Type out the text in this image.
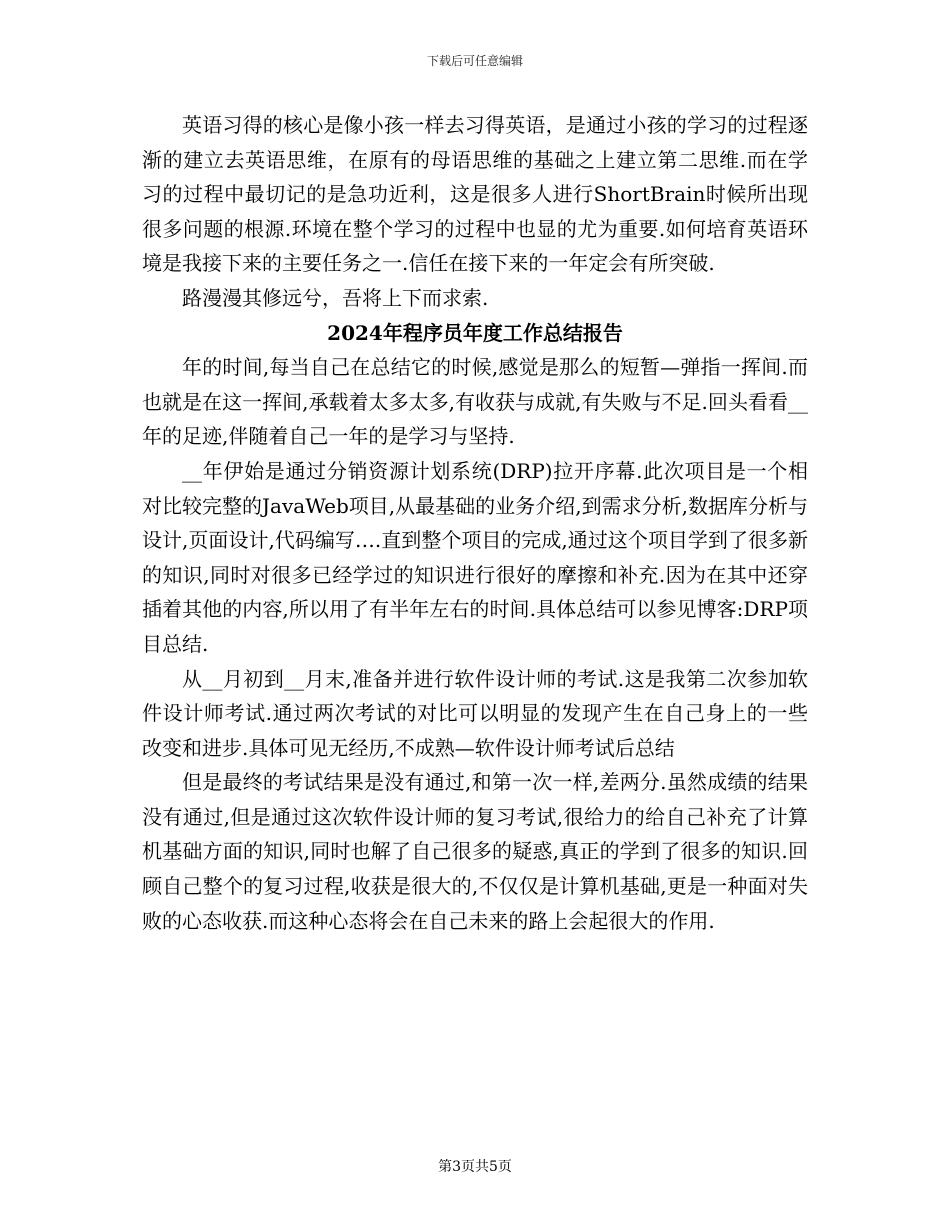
下载后可任意编辑

英语习得的核心是像小孩一样去习得英语，是通过小孩的学习的过程逐渐的建立去英语思维，在原有的母语思维的基础之上建立第二思维.而在学习的过程中最切记的是急功近利，这是很多人进行ShortBrain时候所出现很多问题的根源.环境在整个学习的过程中也显的尤为重要.如何培育英语环境是我接下来的主要任务之一.信任在接下来的一年定会有所突破.

路漫漫其修远兮，吾将上下而求索.

2024年程序员年度工作总结报告

年的时间,每当自己在总结它的时候,感觉是那么的短暂—弹指一挥间.而也就是在这一挥间,承载着太多太多,有收获与成就,有失败与不足.回头看看__年的足迹,伴随着自己一年的是学习与坚持.

__年伊始是通过分销资源计划系统(DRP)拉开序幕.此次项目是一个相对比较完整的JavaWeb项目,从最基础的业务介绍,到需求分析,数据库分析与设计,页面设计,代码编写….直到整个项目的完成,通过这个项目学到了很多新的知识,同时对很多已经学过的知识进行很好的摩擦和补充.因为在其中还穿插着其他的内容,所以用了有半年左右的时间.具体总结可以参见博客:DRP项目总结.

从__月初到__月末,准备并进行软件设计师的考试.这是我第二次参加软件设计师考试.通过两次考试的对比可以明显的发现产生在自己身上的一些改变和进步.具体可见无经历,不成熟—软件设计师考试后总结

但是最终的考试结果是没有通过,和第一次一样,差两分.虽然成绩的结果没有通过,但是通过这次软件设计师的复习考试,很给力的给自己补充了计算机基础方面的知识,同时也解了自己很多的疑惑,真正的学到了很多的知识.回顾自己整个的复习过程,收获是很大的,不仅仅是计算机基础,更是一种面对失败的心态收获.而这种心态将会在自己未来的路上会起很大的作用.

第3页共5页
